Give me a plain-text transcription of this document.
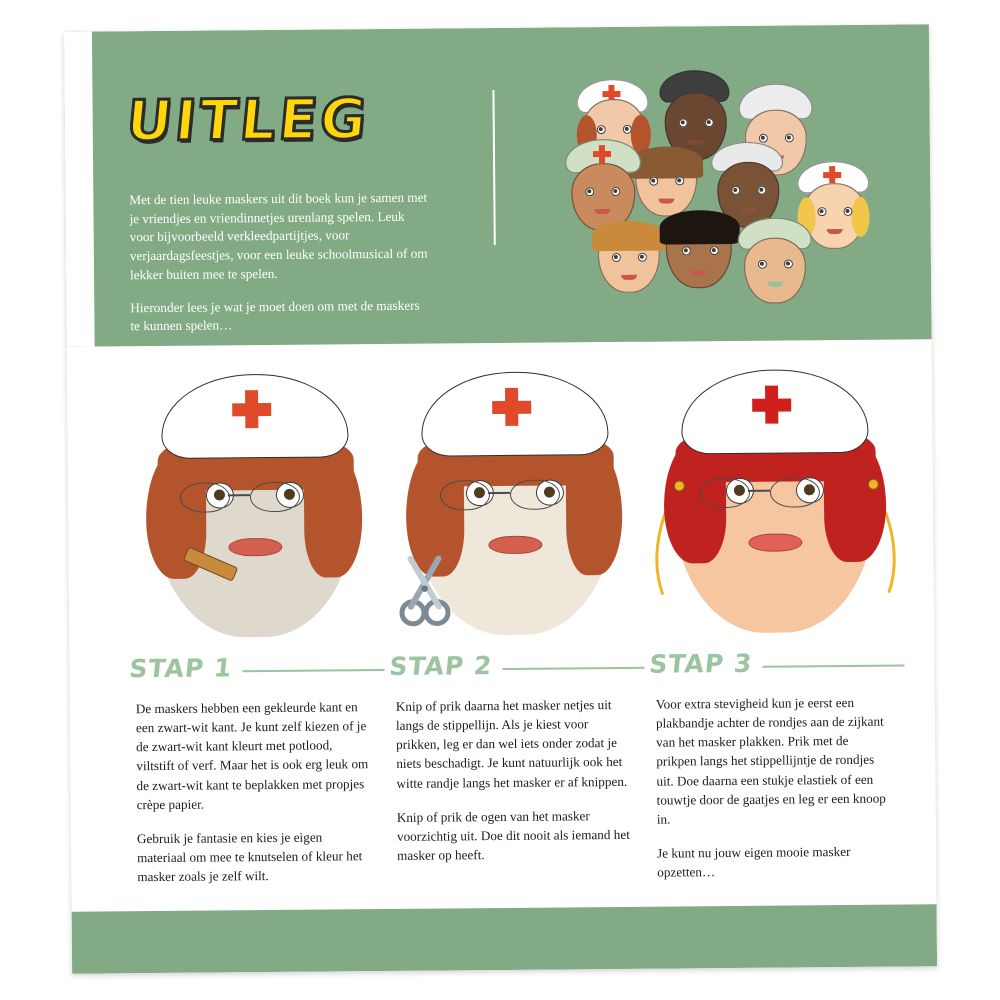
UITLEG

Met de tien leuke maskers uit dit boek kun je samen met je vriendjes en vriendinnetjes urenlang spelen. Leuk voor bijvoorbeeld verkleedpartijtjes, voor verjaardagsfeestjes, voor een leuke schoolmusical of om lekker buiten mee te spelen.

Hieronder lees je wat je moet doen om met de maskers te kunnen spelen…

STAP 1

De maskers hebben een gekleurde kant en een zwart-wit kant. Je kunt zelf kiezen of je de zwart-wit kant kleurt met potlood, viltstift of verf. Maar het is ook erg leuk om de zwart-wit kant te beplakken met propjes crèpe papier.

Gebruik je fantasie en kies je eigen materiaal om mee te knutselen of kleur het masker zoals je zelf wilt.

STAP 2

Knip of prik daarna het masker netjes uit langs de stippellijn. Als je kiest voor prikken, leg er dan wel iets onder zodat je niets beschadigt. Je kunt natuurlijk ook het witte randje langs het masker er af knippen.

Knip of prik de ogen van het masker voorzichtig uit. Doe dit nooit als iemand het masker op heeft.

STAP 3

Voor extra stevigheid kun je eerst een plakbandje achter de rondjes aan de zijkant van het masker plakken. Prik met de prikpen langs het stippellijntje de rondjes uit. Doe daarna een stukje elastiek of een touwtje door de gaatjes en leg er een knoop in.

Je kunt nu jouw eigen mooie masker opzetten…
